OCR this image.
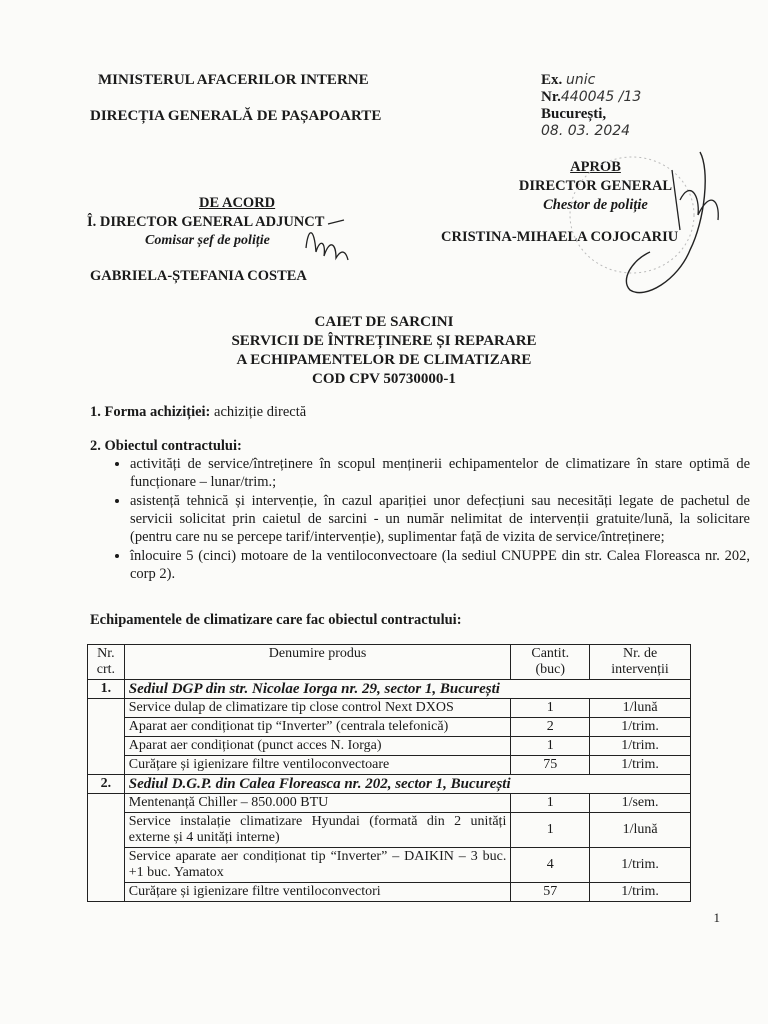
MINISTERUL AFACERILOR INTERNE
DIRECȚIA GENERALĂ DE PAȘAPOARTE
Ex. unic
Nr.440045 /13
București,
08. 03. 2024
APROB
DIRECTOR GENERAL
Chestor de poliție
CRISTINA-MIHAELA COJOCARIU
DE ACORD
Î. DIRECTOR GENERAL ADJUNCT
Comisar șef de poliție
GABRIELA-ȘTEFANIA COSTEA
CAIET DE SARCINI
SERVICII DE ÎNTREȚINERE ȘI REPARARE
A ECHIPAMENTELOR DE CLIMATIZARE
COD CPV 50730000-1
1. Forma achiziției: achiziție directă
2. Obiectul contractului:
• activități de service/întreținere în scopul menținerii echipamentelor de climatizare în stare optimă de funcționare – lunar/trim.;
• asistență tehnică și intervenție, în cazul apariției unor defecțiuni sau necesități legate de pachetul de servicii solicitat prin caietul de sarcini - un număr nelimitat de intervenții gratuite/lună, la solicitare (pentru care nu se percepe tarif/intervenție), suplimentar față de vizita de service/întreținere;
• înlocuire 5 (cinci) motoare de la ventiloconvectoare (la sediul CNUPPE din str. Calea Floreasca nr. 202, corp 2).
Echipamentele de climatizare care fac obiectul contractului:
Nr. crt.	Denumire produs	Cantit. (buc)	Nr. de intervenții
1.	Sediul DGP din str. Nicolae Iorga nr. 29, sector 1, București		
	Service dulap de climatizare tip close control Next DXOS	1	1/lună
	Aparat aer condiționat tip “Inverter” (centrala telefonică)	2	1/trim.
	Aparat aer condiționat (punct acces N. Iorga)	1	1/trim.
	Curățare și igienizare filtre ventiloconvectoare	75	1/trim.
2.	Sediul D.G.P. din Calea Floreasca nr. 202, sector 1, București		
	Mentenanță Chiller – 850.000 BTU	1	1/sem.
	Service instalație climatizare Hyundai (formată din 2 unități externe și 4 unități interne)	1	1/lună
	Service aparate aer condiționat tip “Inverter” – DAIKIN – 3 buc. +1 buc. Yamatox	4	1/trim.
	Curățare și igienizare filtre ventiloconvectori	57	1/trim.
1
